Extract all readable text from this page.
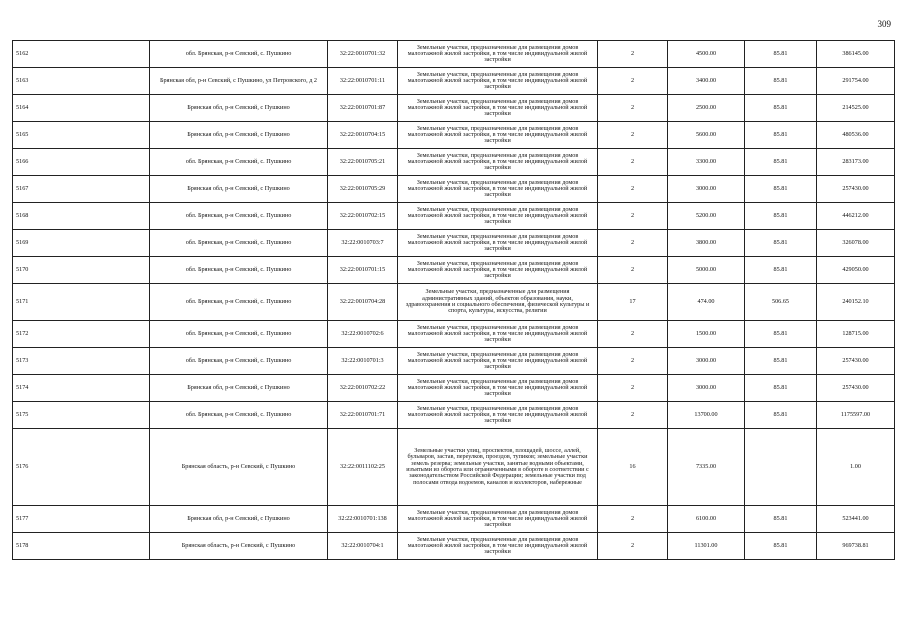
309
5162	обл. Брянская, р-н Севский, с. Пушкино	32:22:0010701:32	Земельные участки, предназначенные для размещения домов малоэтажной жилой застройки, в том числе индивидуальной жилой застройки	2	4500.00	85.81	386145.00
5163	Брянская обл, р-н Севский, с Пушкино, ул Петровского, д 2	32:22:0010701:11	Земельные участки, предназначенные для размещения домов малоэтажной жилой застройки, в том числе индивидуальной жилой застройки	2	3400.00	85.81	291754.00
5164	Брянская обл, р-н Севский, с Пушкино	32:22:0010701:87	Земельные участки, предназначенные для размещения домов малоэтажной жилой застройки, в том числе индивидуальной жилой застройки	2	2500.00	85.81	214525.00
5165	Брянская обл, р-н Севский, с Пушкино	32:22:0010704:15	Земельные участки, предназначенные для размещения домов малоэтажной жилой застройки, в том числе индивидуальной жилой застройки	2	5600.00	85.81	480536.00
5166	обл. Брянская, р-н Севский, с. Пушкино	32:22:0010705:21	Земельные участки, предназначенные для размещения домов малоэтажной жилой застройки, в том числе индивидуальной жилой застройки	2	3300.00	85.81	283173.00
5167	Брянская обл, р-н Севский, с Пушкино	32:22:0010705:29	Земельные участки, предназначенные для размещения домов малоэтажной жилой застройки, в том числе индивидуальной жилой застройки	2	3000.00	85.81	257430.00
5168	обл. Брянская, р-н Севский, с. Пушкино	32:22:0010702:15	Земельные участки, предназначенные для размещения домов малоэтажной жилой застройки, в том числе индивидуальной жилой застройки	2	5200.00	85.81	446212.00
5169	обл. Брянская, р-н Севский, с. Пушкино	32:22:0010703:7	Земельные участки, предназначенные для размещения домов малоэтажной жилой застройки, в том числе индивидуальной жилой застройки	2	3800.00	85.81	326078.00
5170	обл. Брянская, р-н Севский, с. Пушкино	32:22:0010701:15	Земельные участки, предназначенные для размещения домов малоэтажной жилой застройки, в том числе индивидуальной жилой застройки	2	5000.00	85.81	429050.00
5171	обл. Брянская, р-н Севский, с. Пушкино	32:22:0010704:28	Земельные участки, предназначенные для размещения административных зданий, объектов образования, науки, здравоохранения и социального обеспечения, физической культуры и спорта, культуры, искусства, религии	17	474.00	506.65	240152.10
5172	обл. Брянская, р-н Севский, с. Пушкино	32:22:0010702:6	Земельные участки, предназначенные для размещения домов малоэтажной жилой застройки, в том числе индивидуальной жилой застройки	2	1500.00	85.81	128715.00
5173	обл. Брянская, р-н Севский, с. Пушкино	32:22:0010701:3	Земельные участки, предназначенные для размещения домов малоэтажной жилой застройки, в том числе индивидуальной жилой застройки	2	3000.00	85.81	257430.00
5174	Брянская обл, р-н Севский, с Пушкино	32:22:0010702:22	Земельные участки, предназначенные для размещения домов малоэтажной жилой застройки, в том числе индивидуальной жилой застройки	2	3000.00	85.81	257430.00
5175	обл. Брянская, р-н Севский, с. Пушкино	32:22:0010701:71	Земельные участки, предназначенные для размещения домов малоэтажной жилой застройки, в том числе индивидуальной жилой застройки	2	13700.00	85.81	1175597.00
5176	Брянская область, р-н Севский, с Пушкино	32:22:0011102:25	Земельные участки улиц, проспектов, площадей, шоссе, аллей, бульваров, застав, переулков, проездов, тупиков; земельные участки земель резерва; земельные участки, занятые водными объектами, изъятыми из оборота или ограниченными в обороте в соответствии с законодательством Российской Федерации; земельные участки под полосами отвода водоемов, каналов и коллекторов, набережные	16	7335.00		1.00
5177	Брянская обл, р-н Севский, с Пушкино	32:22:0010701:138	Земельные участки, предназначенные для размещения домов малоэтажной жилой застройки, в том числе индивидуальной жилой застройки	2	6100.00	85.81	523441.00
5178	Брянская область, р-н Севский, с Пушкино	32:22:0010704:1	Земельные участки, предназначенные для размещения домов малоэтажной жилой застройки, в том числе индивидуальной жилой застройки	2	11301.00	85.81	969738.81
